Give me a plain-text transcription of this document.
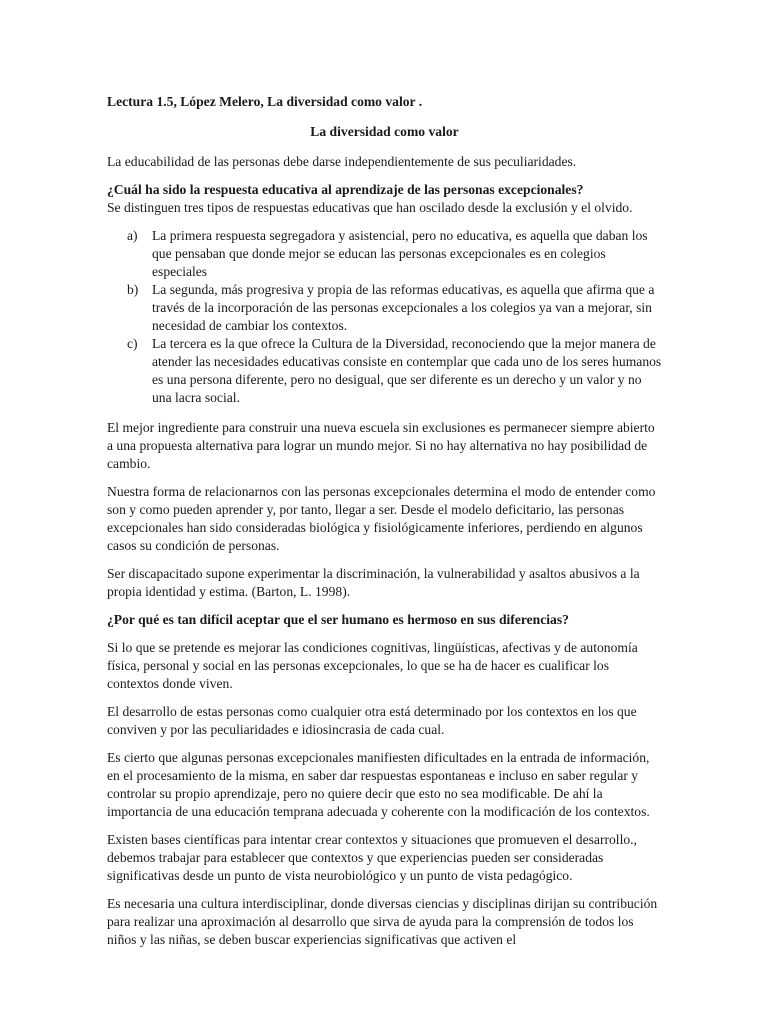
Lectura 1.5, López Melero, La diversidad como valor .

La diversidad como valor

La educabilidad de las personas debe darse independientemente de sus peculiaridades.

¿Cuál ha sido la respuesta educativa al aprendizaje de las personas excepcionales?

Se distinguen tres tipos de respuestas educativas que han oscilado desde la exclusión y el olvido.

a) La primera respuesta segregadora y asistencial, pero no educativa, es aquella que daban los que pensaban que donde mejor se educan las personas excepcionales es en colegios especiales
b) La segunda, más progresiva y propia de las reformas educativas, es aquella que afirma que a través de la incorporación de las personas excepcionales a los colegios ya van a mejorar, sin necesidad de cambiar los contextos.
c) La tercera es la que ofrece la Cultura de la Diversidad, reconociendo que la mejor manera de atender las necesidades educativas consiste en contemplar que cada uno de los seres humanos es una persona diferente, pero no desigual, que ser diferente es un derecho y un valor y no una lacra social.

El mejor ingrediente para construir una nueva escuela sin exclusiones es permanecer siempre abierto a una propuesta alternativa para lograr un mundo mejor. Si no hay alternativa no hay posibilidad de cambio.

Nuestra forma de relacionarnos con las personas excepcionales determina el modo de entender como son y como pueden aprender y, por tanto, llegar a ser. Desde el modelo deficitario, las personas excepcionales han sido consideradas biológica y fisiológicamente inferiores, perdiendo en algunos casos su condición de personas.

Ser discapacitado supone experimentar la discriminación, la vulnerabilidad y asaltos abusivos a la propia identidad y estima. (Barton, L. 1998).

¿Por qué es tan difícil aceptar que el ser humano es hermoso en sus diferencias?

Si lo que se pretende es mejorar las condiciones cognitivas, lingüísticas, afectivas y de autonomía física, personal y social en las personas excepcionales, lo que se ha de hacer es cualificar los contextos donde viven.

El desarrollo de estas personas como cualquier otra está determinado por los contextos en los que conviven y por las peculiaridades e idiosincrasia de cada cual.

Es cierto que algunas personas excepcionales manifiesten dificultades en la entrada de información, en el procesamiento de la misma, en saber dar respuestas espontaneas e incluso en saber regular y controlar su propio aprendizaje, pero no quiere decir que esto no sea modificable. De ahí la importancia de una educación temprana adecuada y coherente con la modificación de los contextos.

Existen bases científicas para intentar crear contextos y situaciones que promueven el desarrollo., debemos trabajar para establecer que contextos y que experiencias pueden ser consideradas significativas desde un punto de vista neurobiológico y un punto de vista pedagógico.

Es necesaria una cultura interdisciplinar, donde diversas ciencias y disciplinas dirijan su contribución para realizar una aproximación al desarrollo que sirva de ayuda para la comprensión de todos los niños y las niñas, se deben buscar experiencias significativas que activen el
